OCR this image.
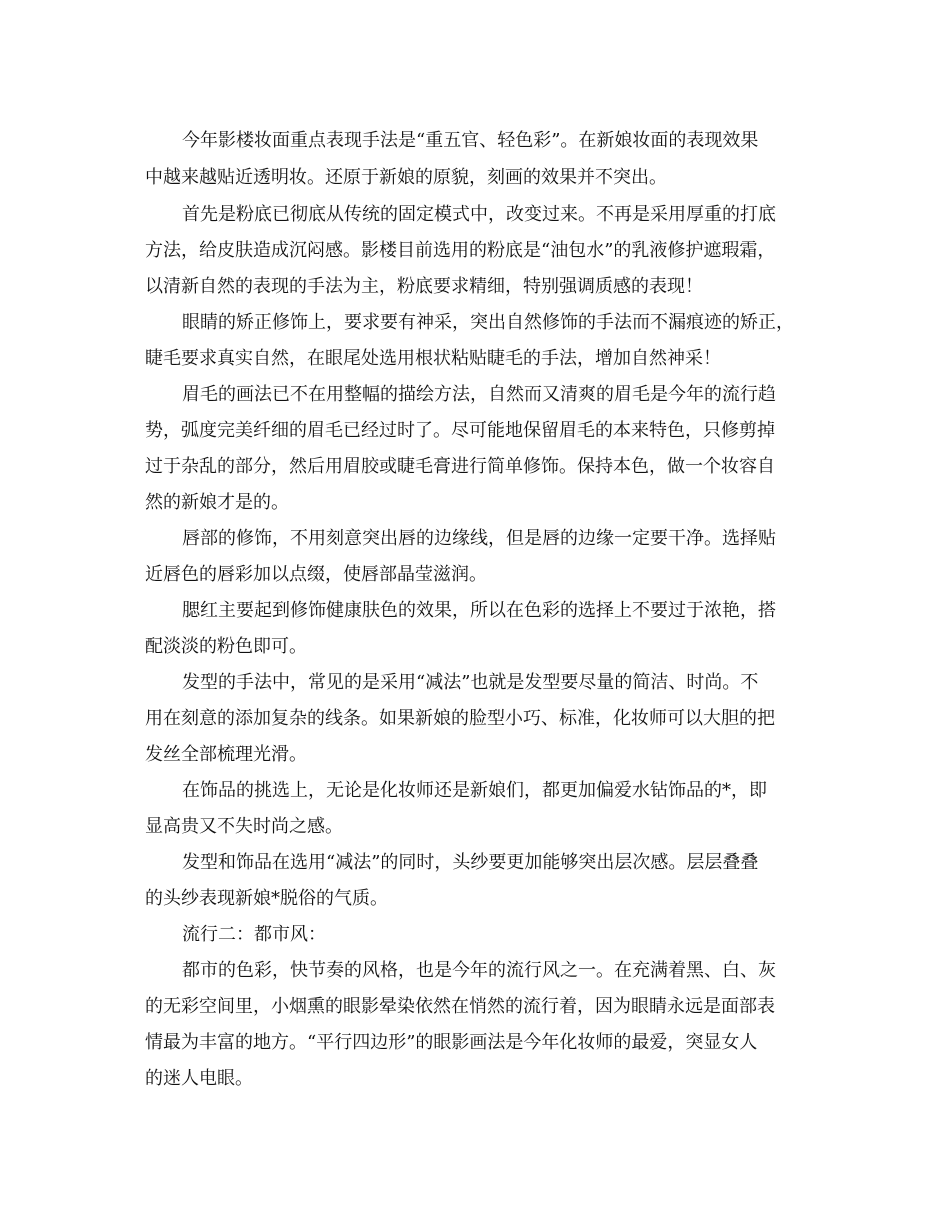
今年影楼妆面重点表现手法是“重五官、轻色彩”。在新娘妆面的表现效果

中越来越贴近透明妆。还原于新娘的原貌，刻画的效果并不突出。

首先是粉底已彻底从传统的固定模式中，改变过来。不再是采用厚重的打底

方法，给皮肤造成沉闷感。影楼目前选用的粉底是“油包水”的乳液修护遮瑕霜，

以清新自然的表现的手法为主，粉底要求精细，特别强调质感的表现！

眼睛的矫正修饰上，要求要有神采，突出自然修饰的手法而不漏痕迹的矫正，

睫毛要求真实自然，在眼尾处选用根状粘贴睫毛的手法，增加自然神采！

眉毛的画法已不在用整幅的描绘方法，自然而又清爽的眉毛是今年的流行趋

势，弧度完美纤细的眉毛已经过时了。尽可能地保留眉毛的本来特色，只修剪掉

过于杂乱的部分，然后用眉胶或睫毛膏进行简单修饰。保持本色，做一个妆容自

然的新娘才是的。

唇部的修饰，不用刻意突出唇的边缘线，但是唇的边缘一定要干净。选择贴

近唇色的唇彩加以点缀，使唇部晶莹滋润。

腮红主要起到修饰健康肤色的效果，所以在色彩的选择上不要过于浓艳，搭

配淡淡的粉色即可。

发型的手法中，常见的是采用“减法”也就是发型要尽量的简洁、时尚。不

用在刻意的添加复杂的线条。如果新娘的脸型小巧、标准，化妆师可以大胆的把

发丝全部梳理光滑。

在饰品的挑选上，无论是化妆师还是新娘们，都更加偏爱水钻饰品的*，即

显高贵又不失时尚之感。

发型和饰品在选用“减法”的同时，头纱要更加能够突出层次感。层层叠叠

的头纱表现新娘*脱俗的气质。

流行二：都市风：

都市的色彩，快节奏的风格，也是今年的流行风之一。在充满着黑、白、灰

的无彩空间里，小烟熏的眼影晕染依然在悄然的流行着，因为眼睛永远是面部表

情最为丰富的地方。“平行四边形”的眼影画法是今年化妆师的最爱，突显女人

的迷人电眼。
